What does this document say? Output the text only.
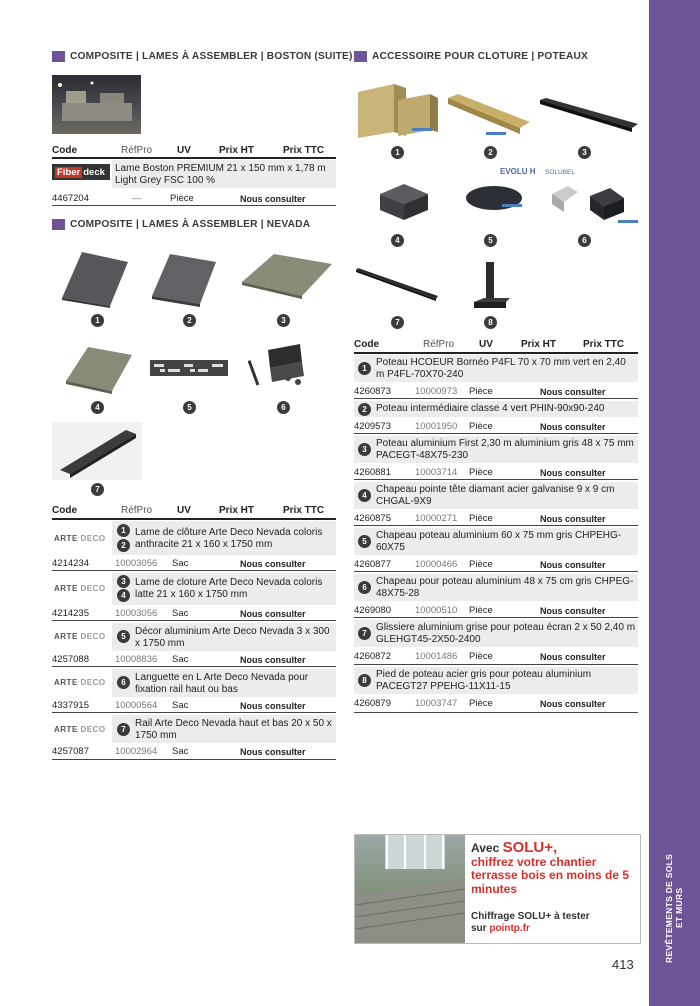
REVÊTEMENTS DE SOLS ET MURS
413
COMPOSITE | LAMES À ASSEMBLER | BOSTON (SUITE)
Code	RéfPro UV	Prix HT	Prix TTC
Fiber deck Lame Boston PREMIUM 21 x 150 mm x 1,78 m Light Grey FSC 100 %
4467204	—	Pièce	Nous consulter
COMPOSITE | LAMES À ASSEMBLER | NEVADA
1	2	3
4	5	6
7
Code	RéfPro UV	Prix HT	Prix TTC
ARTE DECO
1
2
Lame de clôture Arte Deco Nevada coloris anthracite 21 x 160 x 1750 mm
4214234	10003056 Sac	Nous consulter
ARTE DECO
3
4
Lame de cloture Arte Deco Nevada coloris latte 21 x 160 x 1750 mm
4214235	10003056 Sac	Nous consulter
ARTE DECO	5 Décor aluminium Arte Deco Nevada 3 x 300 x 1750 mm
4257088	10008836 Sac	Nous consulter
ARTE DECO	6 Languette en L Arte Deco Nevada pour fixation rail haut ou bas
4337915	10000564 Sac	Nous consulter
ARTE DECO	7
Rail Arte Deco Nevada haut et bas 20 x 50 x 1750 mm
4257087	10002964 Sac	Nous consulter
ACCESSOIRE POUR CLOTURE | POTEAUX
1	2	3
EVOLU H SOLUBEL
4	5	6
7	8
Code	RéfPro UV	Prix HT	Prix TTC
1
Poteau HCOEUR Bornéo P4FL 70 x 70 mm vert en 2,40 m P4FL-70X70-240
4260873	10000973 Pièce	Nous consulter
2 Poteau intermédiaire classe 4 vert PHIN-90x90-240
4209573	10001950 Pièce	Nous consulter
3
Poteau aluminium First 2,30 m aluminium gris 48 x 75 mm PACEGT-48X75-230
4260881	10003714 Pièce	Nous consulter
4
Chapeau pointe tête diamant acier galvanise 9 x 9 cm CHGAL-9X9
4260875	10000271 Pièce	Nous consulter
5
Chapeau poteau aluminium 60 x 75 mm gris CHPEHG-60X75
4260877	10000466 Pièce	Nous consulter
6
Chapeau pour poteau aluminium 48 x 75 cm gris CHPEG-48X75-28
4269080	10000510 Pièce	Nous consulter
7
Glissiere aluminium grise pour poteau écran 2 x 50 2,40 m GLEHGT45-2X50-2400
4260872	10001486 Pièce	Nous consulter
8
Pied de poteau acier gris pour poteau aluminium PACEGT27 PPEHG-11X11-15
4260879	10003747 Pièce	Nous consulter
Avec SOLU+,
chiffrez votre chantier terrasse bois en moins de 5 minutes
Chiffrage SOLU+ à tester
sur pointp.fr
